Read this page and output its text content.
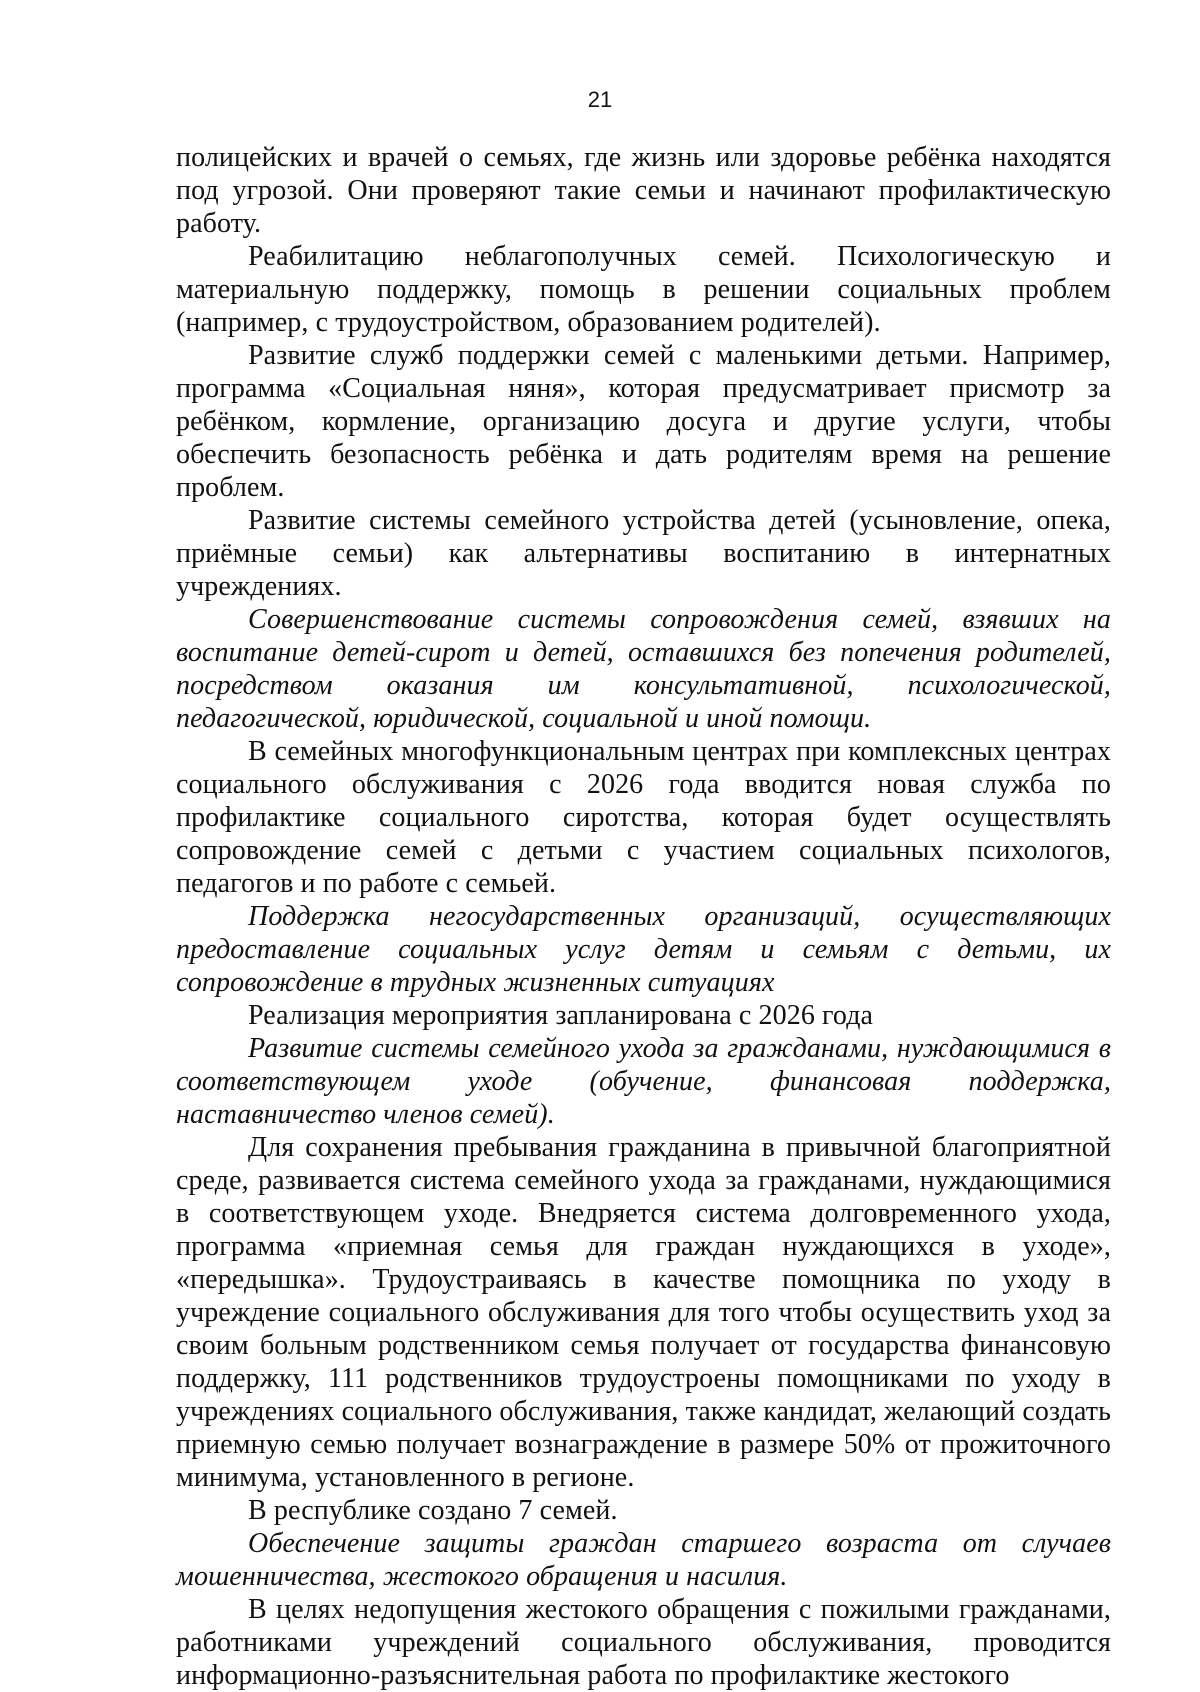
21

полицейских и врачей о семьях, где жизнь или здоровье ребёнка находятся под угрозой. Они проверяют такие семьи и начинают профилактическую работу.

Реабилитацию неблагополучных семей. Психологическую и материальную поддержку, помощь в решении социальных проблем (например, с трудоустройством, образованием родителей).

Развитие служб поддержки семей с маленькими детьми. Например, программа «Социальная няня», которая предусматривает присмотр за ребёнком, кормление, организацию досуга и другие услуги, чтобы обеспечить безопасность ребёнка и дать родителям время на решение проблем.

Развитие системы семейного устройства детей (усыновление, опека, приёмные семьи) как альтернативы воспитанию в интернатных учреждениях.

Совершенствование системы сопровождения семей, взявших на воспитание детей-сирот и детей, оставшихся без попечения родителей, посредством оказания им консультативной, психологической, педагогической, юридической, социальной и иной помощи.

В семейных многофункциональным центрах при комплексных центрах социального обслуживания с 2026 года вводится новая служба по профилактике социального сиротства, которая будет осуществлять сопровождение семей с детьми с участием социальных психологов, педагогов и по работе с семьей.

Поддержка негосударственных организаций, осуществляющих предоставление социальных услуг детям и семьям с детьми, их сопровождение в трудных жизненных ситуациях

Реализация мероприятия запланирована с 2026 года

Развитие системы семейного ухода за гражданами, нуждающимися в соответствующем уходе (обучение, финансовая поддержка, наставничество членов семей).

Для сохранения пребывания гражданина в привычной благоприятной среде, развивается система семейного ухода за гражданами, нуждающимися в соответствующем уходе. Внедряется система долговременного ухода, программа «приемная семья для граждан нуждающихся в уходе», «передышка». Трудоустраиваясь в качестве помощника по уходу в учреждение социального обслуживания для того чтобы осуществить уход за своим больным родственником семья получает от государства финансовую поддержку, 111 родственников трудоустроены помощниками по уходу в учреждениях социального обслуживания, также кандидат, желающий создать приемную семью получает вознаграждение в размере 50% от прожиточного минимума, установленного в регионе.

В республике создано 7 семей.

Обеспечение защиты граждан старшего возраста от случаев мошенничества, жестокого обращения и насилия.

В целях недопущения жестокого обращения с пожилыми гражданами, работниками учреждений социального обслуживания, проводится информационно-разъяснительная работа по профилактике жестокого
